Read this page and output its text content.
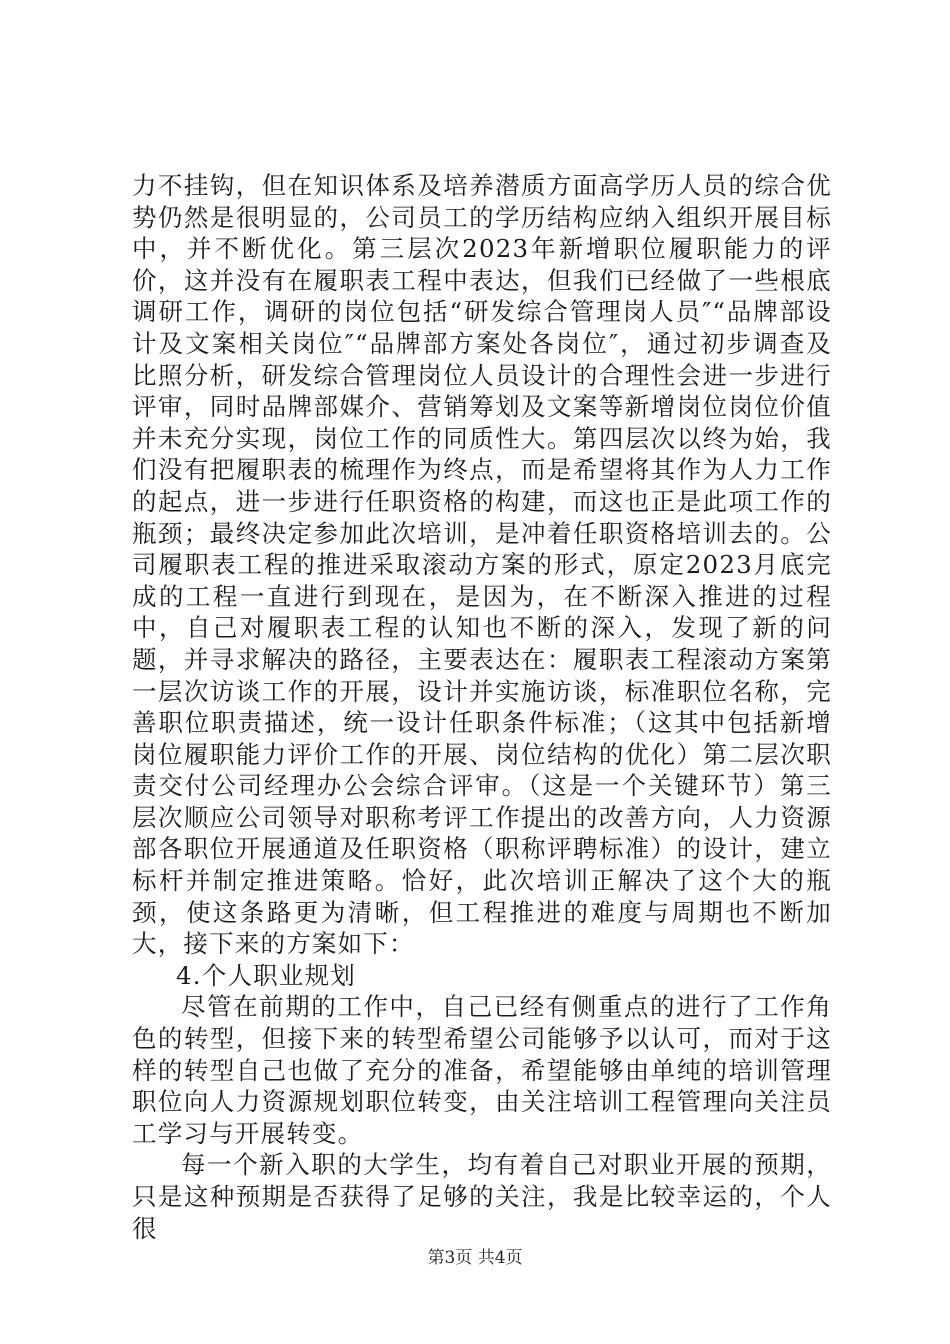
力不挂钩，但在知识体系及培养潜质方面高学历人员的综合优势仍然是很明显的，公司员工的学历结构应纳入组织开展目标中，并不断优化。第三层次2023年新增职位履职能力的评价，这并没有在履职表工程中表达，但我们已经做了一些根底调研工作，调研的岗位包括“研发综合管理岗人员″“品牌部设计及文案相关岗位″“品牌部方案处各岗位″，通过初步调查及比照分析，研发综合管理岗位人员设计的合理性会进一步进行评审，同时品牌部媒介、营销筹划及文案等新增岗位岗位价值并未充分实现，岗位工作的同质性大。第四层次以终为始，我们没有把履职表的梳理作为终点，而是希望将其作为人力工作的起点，进一步进行任职资格的构建，而这也正是此项工作的瓶颈；最终决定参加此次培训，是冲着任职资格培训去的。公司履职表工程的推进采取滚动方案的形式，原定2023月底完成的工程一直进行到现在，是因为，在不断深入推进的过程中，自己对履职表工程的认知也不断的深入，发现了新的问题，并寻求解决的路径，主要表达在：履职表工程滚动方案第一层次访谈工作的开展，设计并实施访谈，标准职位名称，完善职位职责描述，统一设计任职条件标准；（这其中包括新增岗位履职能力评价工作的开展、岗位结构的优化）第二层次职责交付公司经理办公会综合评审。（这是一个关键环节）第三层次顺应公司领导对职称考评工作提出的改善方向，人力资源部各职位开展通道及任职资格（职称评聘标准）的设计，建立标杆并制定推进策略。恰好，此次培训正解决了这个大的瓶颈，使这条路更为清晰，但工程推进的难度与周期也不断加大，接下来的方案如下：

4.个人职业规划

尽管在前期的工作中，自己已经有侧重点的进行了工作角色的转型，但接下来的转型希望公司能够予以认可，而对于这样的转型自己也做了充分的准备，希望能够由单纯的培训管理职位向人力资源规划职位转变，由关注培训工程管理向关注员工学习与开展转变。

每一个新入职的大学生，均有着自己对职业开展的预期，只是这种预期是否获得了足够的关注，我是比较幸运的，个人很

第3页 共4页
